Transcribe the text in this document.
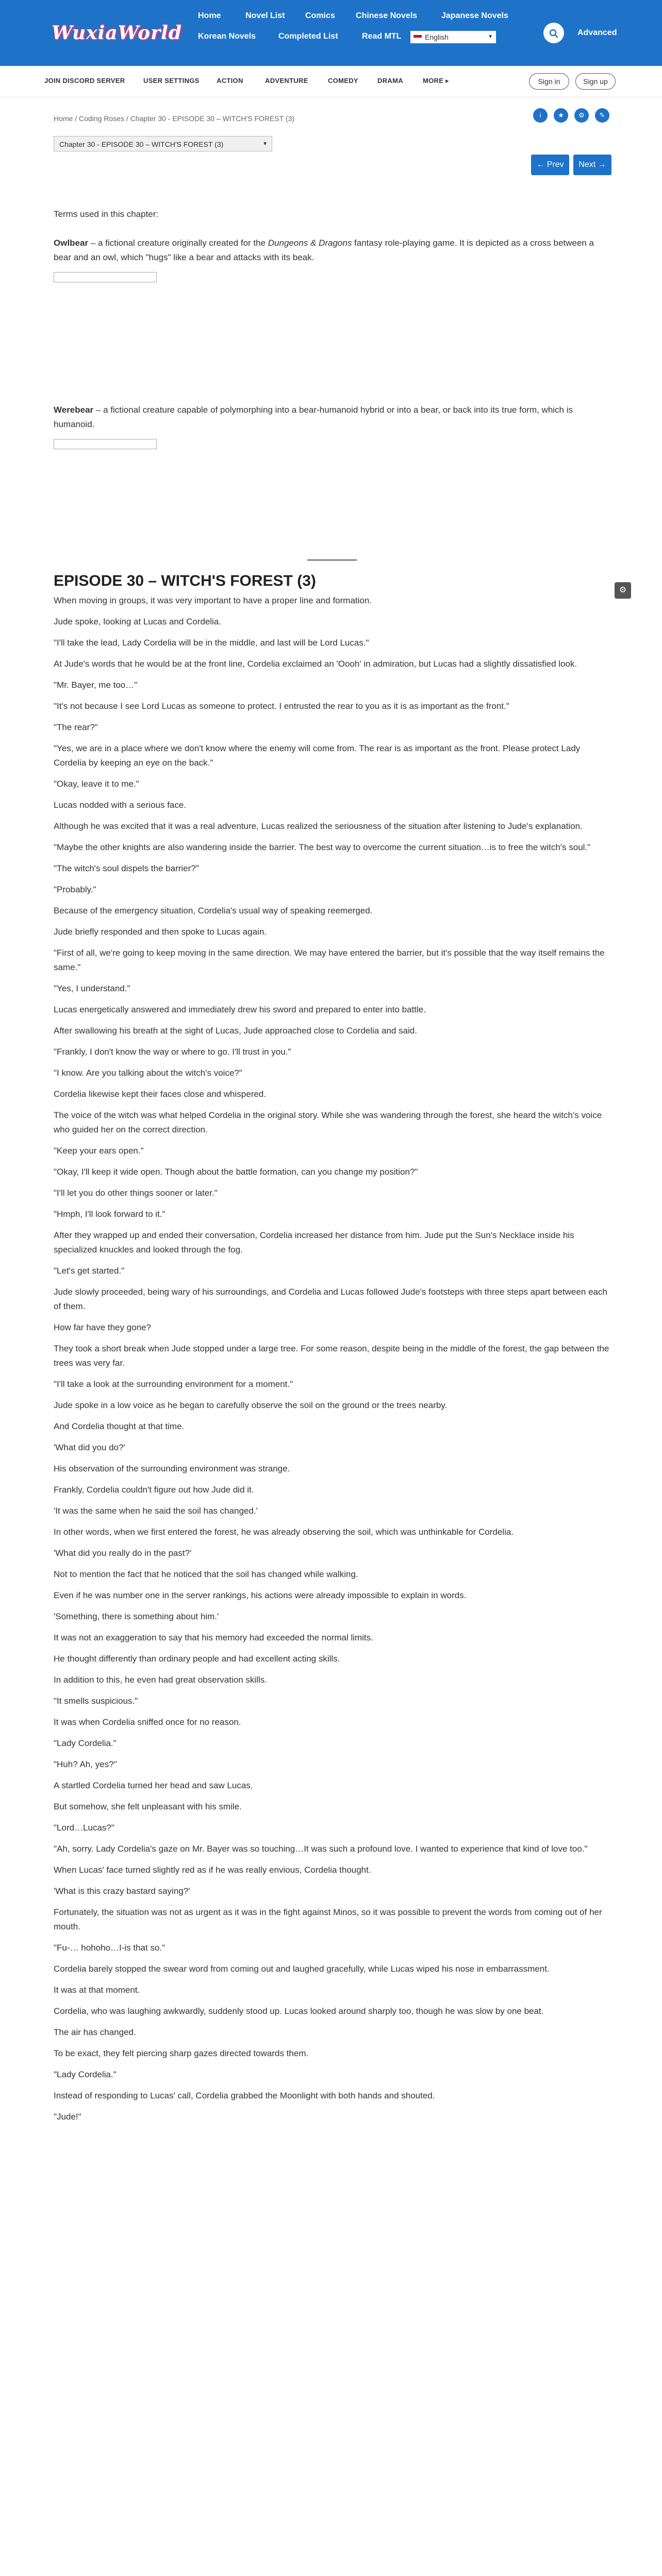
WuxiaWorld
Home	Novel List Comics	Chinese Novels	Japanese Novels
Korean Novels	Completed List	Read MTL	English	▼	Advanced
JOIN DISCORD SERVER	USER SETTINGS	ACTION	ADVENTURE	COMEDY	DRAMA	MORE ▸	Sign in	Sign up
Home / Coding Roses / Chapter 30 - EPISODE 30 – WITCH'S FOREST (3)	i	★	⚙	✎
Chapter 30 - EPISODE 30 – WITCH'S FOREST (3)	▼
← Prev	Next →

Terms used in this chapter:

Owlbear – a fictional creature originally created for the Dungeons & Dragons fantasy role-playing game. It is depicted as a cross between a bear and an owl, which "hugs" like a bear and attacks with its beak.

Werebear – a fictional creature capable of polymorphing into a bear-humanoid hybrid or into a bear, or back into its true form, which is humanoid.

EPISODE 30 – WITCH'S FOREST (3)

When moving in groups, it was very important to have a proper line and formation.

Jude spoke, looking at Lucas and Cordelia.

"I'll take the lead, Lady Cordelia will be in the middle, and last will be Lord Lucas."

At Jude's words that he would be at the front line, Cordelia exclaimed an 'Oooh' in admiration, but Lucas had a slightly dissatisfied look.

"Mr. Bayer, me too…"

"It's not because I see Lord Lucas as someone to protect. I entrusted the rear to you as it is as important as the front."

"The rear?"

"Yes, we are in a place where we don't know where the enemy will come from. The rear is as important as the front. Please protect Lady Cordelia by keeping an eye on the back."

"Okay, leave it to me."

Lucas nodded with a serious face.

Although he was excited that it was a real adventure, Lucas realized the seriousness of the situation after listening to Jude's explanation.

"Maybe the other knights are also wandering inside the barrier. The best way to overcome the current situation…is to free the witch's soul."

"The witch's soul dispels the barrier?"

"Probably."

Because of the emergency situation, Cordelia's usual way of speaking reemerged.

Jude briefly responded and then spoke to Lucas again.

"First of all, we're going to keep moving in the same direction. We may have entered the barrier, but it's possible that the way itself remains the same."

"Yes, I understand."

Lucas energetically answered and immediately drew his sword and prepared to enter into battle.

After swallowing his breath at the sight of Lucas, Jude approached close to Cordelia and said.

"Frankly, I don't know the way or where to go. I'll trust in you."

"I know. Are you talking about the witch's voice?"

Cordelia likewise kept their faces close and whispered.

The voice of the witch was what helped Cordelia in the original story. While she was wandering through the forest, she heard the witch's voice who guided her on the correct direction.

"Keep your ears open."

"Okay, I'll keep it wide open. Though about the battle formation, can you change my position?"

"I'll let you do other things sooner or later."

"Hmph, I'll look forward to it."

After they wrapped up and ended their conversation, Cordelia increased her distance from him. Jude put the Sun's Necklace inside his specialized knuckles and looked through the fog.

"Let's get started."

Jude slowly proceeded, being wary of his surroundings, and Cordelia and Lucas followed Jude's footsteps with three steps apart between each of them.

How far have they gone?

They took a short break when Jude stopped under a large tree. For some reason, despite being in the middle of the forest, the gap between the trees was very far.

"I'll take a look at the surrounding environment for a moment."

Jude spoke in a low voice as he began to carefully observe the soil on the ground or the trees nearby.

And Cordelia thought at that time.

'What did you do?'

His observation of the surrounding environment was strange.

Frankly, Cordelia couldn't figure out how Jude did it.

'It was the same when he said the soil has changed.'

In other words, when we first entered the forest, he was already observing the soil, which was unthinkable for Cordelia.

'What did you really do in the past?'

Not to mention the fact that he noticed that the soil has changed while walking.

Even if he was number one in the server rankings, his actions were already impossible to explain in words.

'Something, there is something about him.'

It was not an exaggeration to say that his memory had exceeded the normal limits.

He thought differently than ordinary people and had excellent acting skills.

In addition to this, he even had great observation skills.

"It smells suspicious."

It was when Cordelia sniffed once for no reason.

"Lady Cordelia."

"Huh? Ah, yes?"

A startled Cordelia turned her head and saw Lucas.

But somehow, she felt unpleasant with his smile.

"Lord…Lucas?"

"Ah, sorry. Lady Cordelia's gaze on Mr. Bayer was so touching…It was such a profound love. I wanted to experience that kind of love too."

When Lucas' face turned slightly red as if he was really envious, Cordelia thought.

'What is this crazy bastard saying?'

Fortunately, the situation was not as urgent as it was in the fight against Minos, so it was possible to prevent the words from coming out of her mouth.

"Fu-… hohoho…I-is that so."

Cordelia barely stopped the swear word from coming out and laughed gracefully, while Lucas wiped his nose in embarrassment.

It was at that moment.

Cordelia, who was laughing awkwardly, suddenly stood up. Lucas looked around sharply too, though he was slow by one beat.

The air has changed.

To be exact, they felt piercing sharp gazes directed towards them.

"Lady Cordelia."

Instead of responding to Lucas' call, Cordelia grabbed the Moonlight with both hands and shouted.

"Jude!"

⚙
